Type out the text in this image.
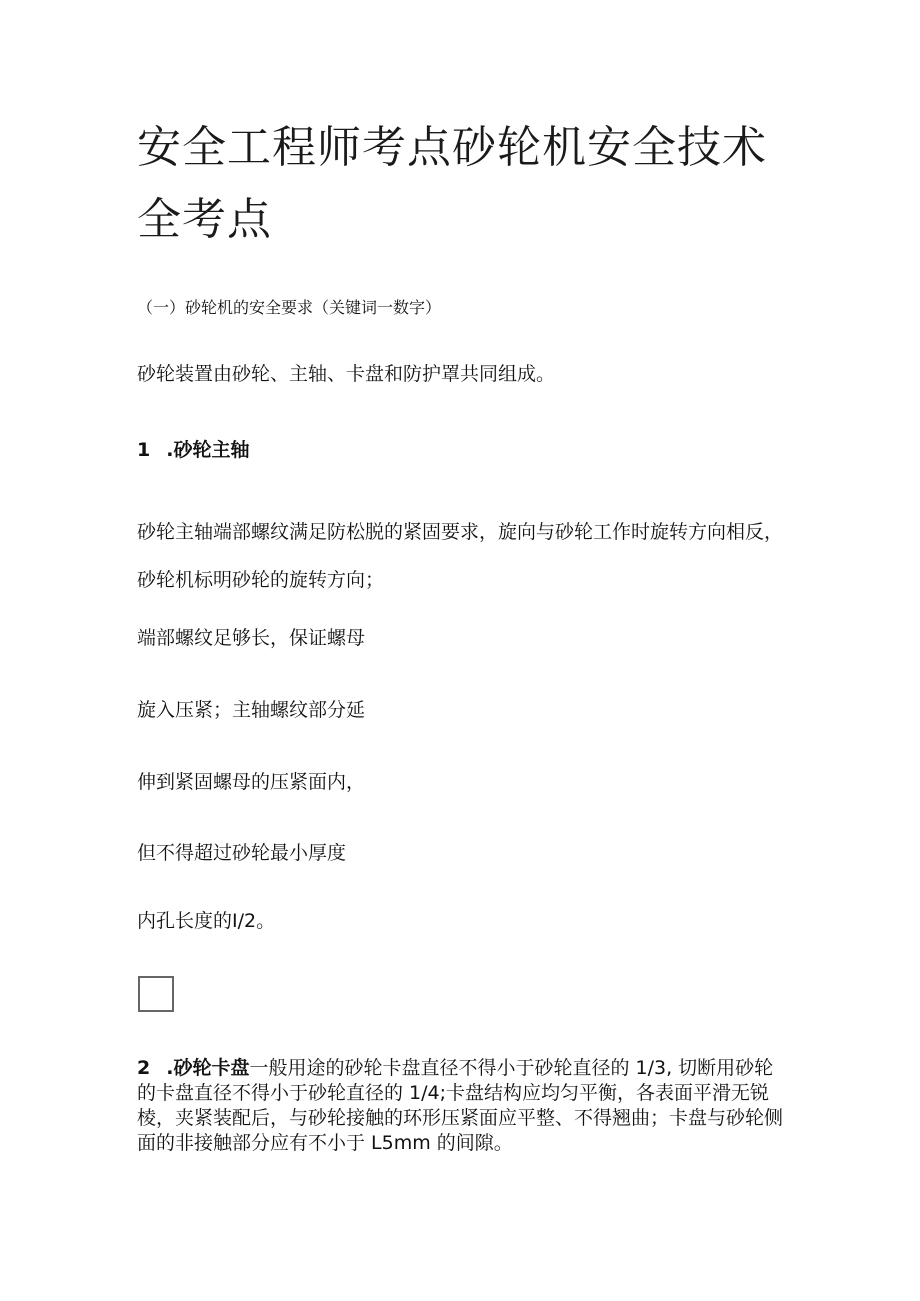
安全工程师考点砂轮机安全技术全考点

（一）砂轮机的安全要求（关键词一数字）

砂轮装置由砂轮、主轴、卡盘和防护罩共同组成。

1 .砂轮主轴

砂轮主轴端部螺纹满足防松脱的紧固要求，旋向与砂轮工作时旋转方向相反，砂轮机标明砂轮的旋转方向；

端部螺纹足够长，保证螺母

旋入压紧；主轴螺纹部分延

伸到紧固螺母的压紧面内，

但不得超过砂轮最小厚度

内孔长度的I/2。

2 .砂轮卡盘一般用途的砂轮卡盘直径不得小于砂轮直径的 1/3, 切断用砂轮的卡盘直径不得小于砂轮直径的 1/4;卡盘结构应均匀平衡，各表面平滑无锐棱，夹紧装配后，与砂轮接触的环形压紧面应平整、不得翘曲；卡盘与砂轮侧面的非接触部分应有不小于 L5mm 的间隙。
